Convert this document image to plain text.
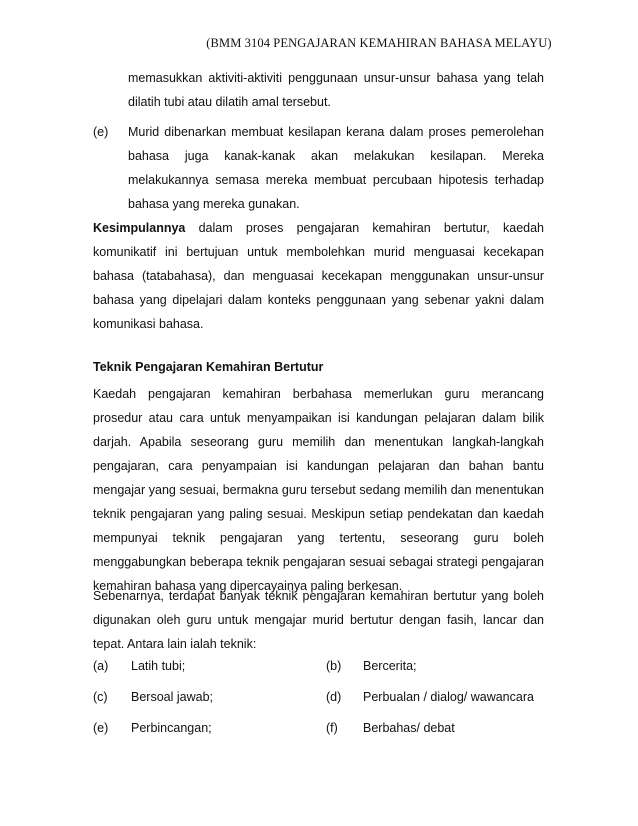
(BMM 3104 PENGAJARAN KEMAHIRAN BAHASA MELAYU)
memasukkan aktiviti-aktiviti penggunaan unsur-unsur bahasa yang telah
dilatih tubi atau dilatih amal tersebut.
(e) Murid dibenarkan membuat kesilapan kerana dalam proses pemerolehan
bahasa juga kanak-kanak akan melakukan kesilapan. Mereka
melakukannya semasa mereka membuat percubaan hipotesis terhadap
bahasa yang mereka gunakan.
Kesimpulannya dalam proses pengajaran kemahiran bertutur, kaedah
komunikatif ini bertujuan untuk membolehkan murid menguasai kecekapan
bahasa (tatabahasa), dan menguasai kecekapan menggunakan unsur-unsur
bahasa yang dipelajari dalam konteks penggunaan yang sebenar yakni dalam
komunikasi bahasa.
Teknik Pengajaran Kemahiran Bertutur
Kaedah pengajaran kemahiran berbahasa memerlukan guru merancang
prosedur atau cara untuk menyampaikan isi kandungan pelajaran dalam bilik
darjah. Apabila seseorang guru memilih dan menentukan langkah-langkah
pengajaran, cara penyampaian isi kandungan pelajaran dan bahan bantu
mengajar yang sesuai, bermakna guru tersebut sedang memilih dan menentukan
teknik pengajaran yang paling sesuai. Meskipun setiap pendekatan dan kaedah
mempunyai teknik pengajaran yang tertentu, seseorang guru boleh
menggabungkan beberapa teknik pengajaran sesuai sebagai strategi pengajaran
kemahiran bahasa yang dipercayainya paling berkesan.
Sebenarnya, terdapat banyak teknik pengajaran kemahiran bertutur yang boleh
digunakan oleh guru untuk mengajar murid bertutur dengan fasih, lancar dan
tepat. Antara lain ialah teknik:
(a) Latih tubi;	(b) Bercerita;
(c) Bersoal jawab;	(d) Perbualan / dialog/ wawancara
(e) Perbincangan;	(f) Berbahas/ debat
